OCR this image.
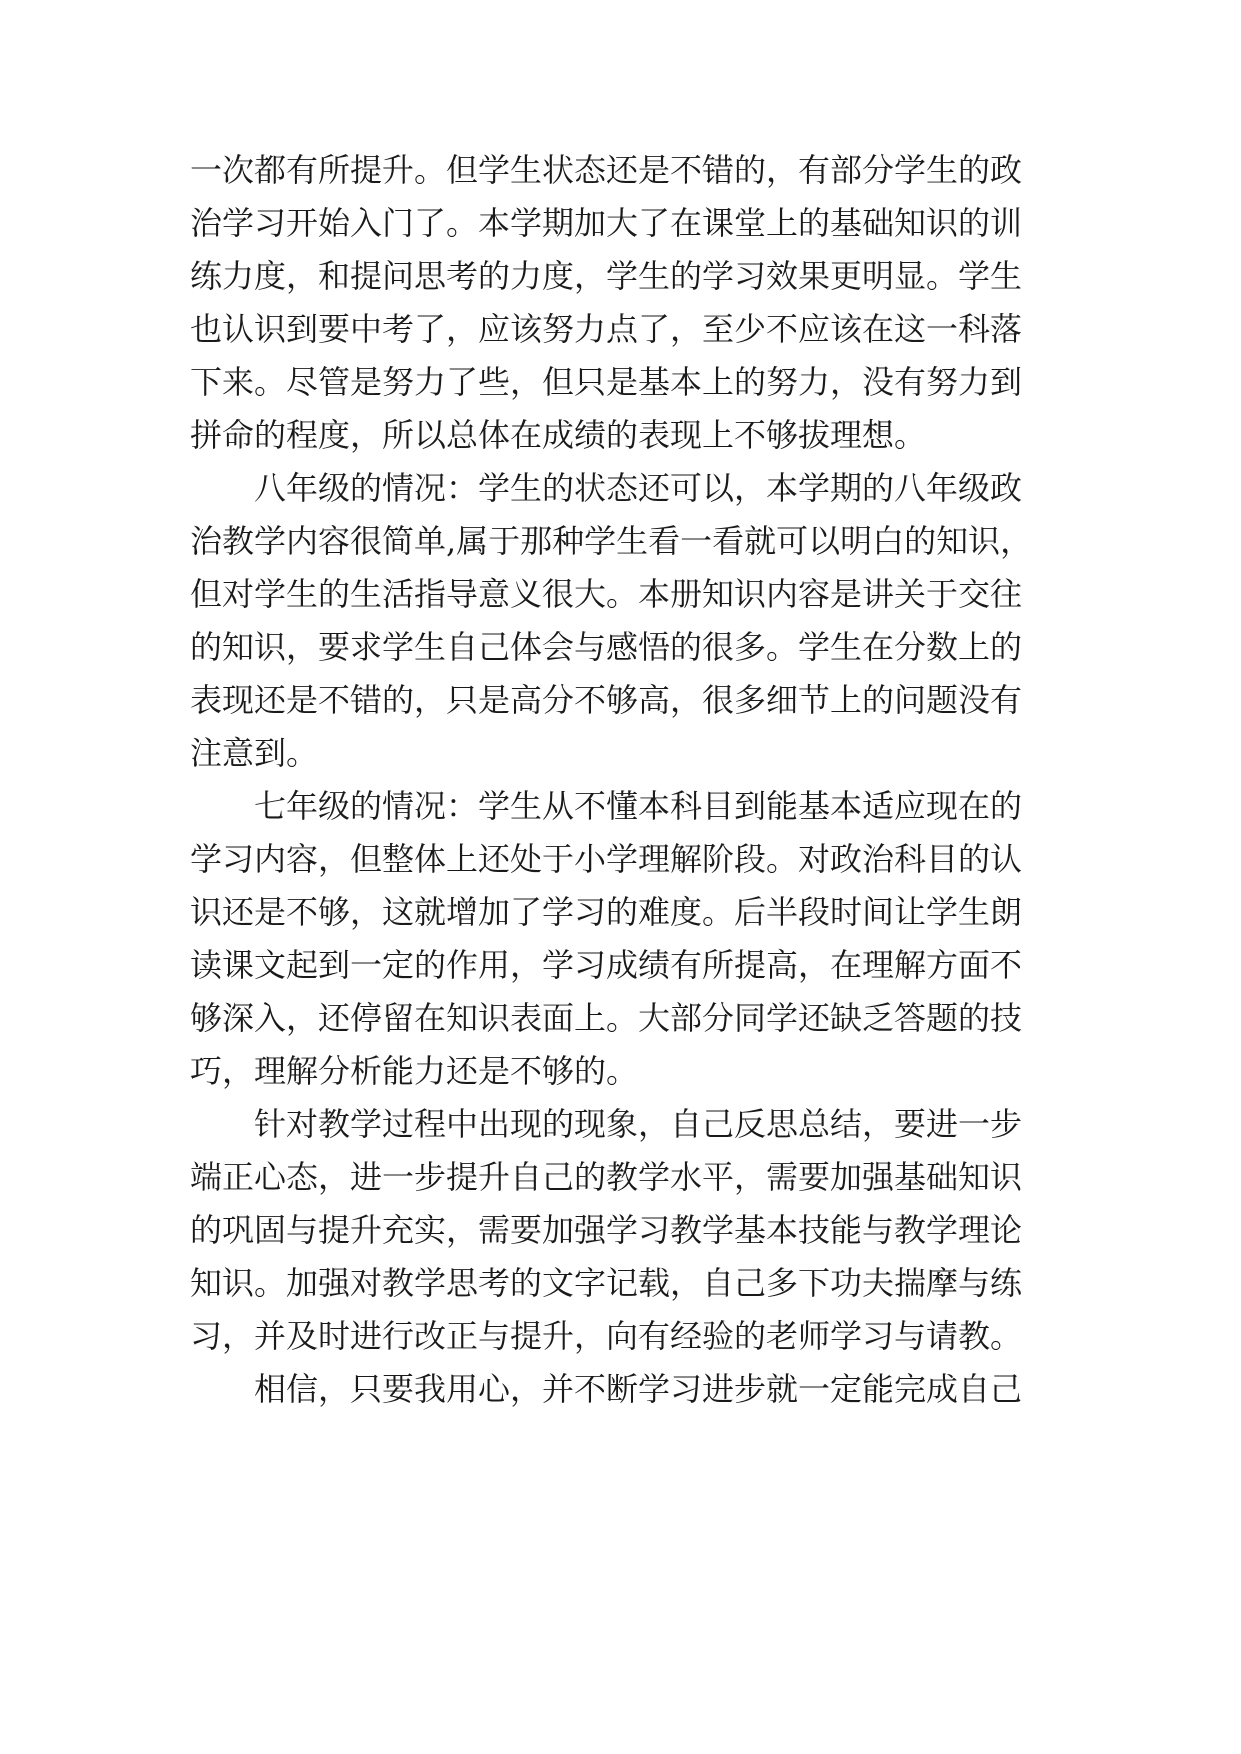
一次都有所提升。但学生状态还是不错的，有部分学生的政
治学习开始入门了。本学期加大了在课堂上的基础知识的训
练力度，和提问思考的力度，学生的学习效果更明显。学生
也认识到要中考了，应该努力点了，至少不应该在这一科落
下来。尽管是努力了些，但只是基本上的努力，没有努力到
拼命的程度，所以总体在成绩的表现上不够拔理想。
八年级的情况：学生的状态还可以，本学期的八年级政
治教学内容很简单,属于那种学生看一看就可以明白的知识，
但对学生的生活指导意义很大。本册知识内容是讲关于交往
的知识，要求学生自己体会与感悟的很多。学生在分数上的
表现还是不错的，只是高分不够高，很多细节上的问题没有
注意到。
七年级的情况：学生从不懂本科目到能基本适应现在的
学习内容，但整体上还处于小学理解阶段。对政治科目的认
识还是不够，这就增加了学习的难度。后半段时间让学生朗
读课文起到一定的作用，学习成绩有所提高，在理解方面不
够深入，还停留在知识表面上。大部分同学还缺乏答题的技
巧，理解分析能力还是不够的。
针对教学过程中出现的现象，自己反思总结，要进一步
端正心态，进一步提升自己的教学水平，需要加强基础知识
的巩固与提升充实，需要加强学习教学基本技能与教学理论
知识。加强对教学思考的文字记载，自己多下功夫揣摩与练
习，并及时进行改正与提升，向有经验的老师学习与请教。
相信，只要我用心，并不断学习进步就一定能完成自己
